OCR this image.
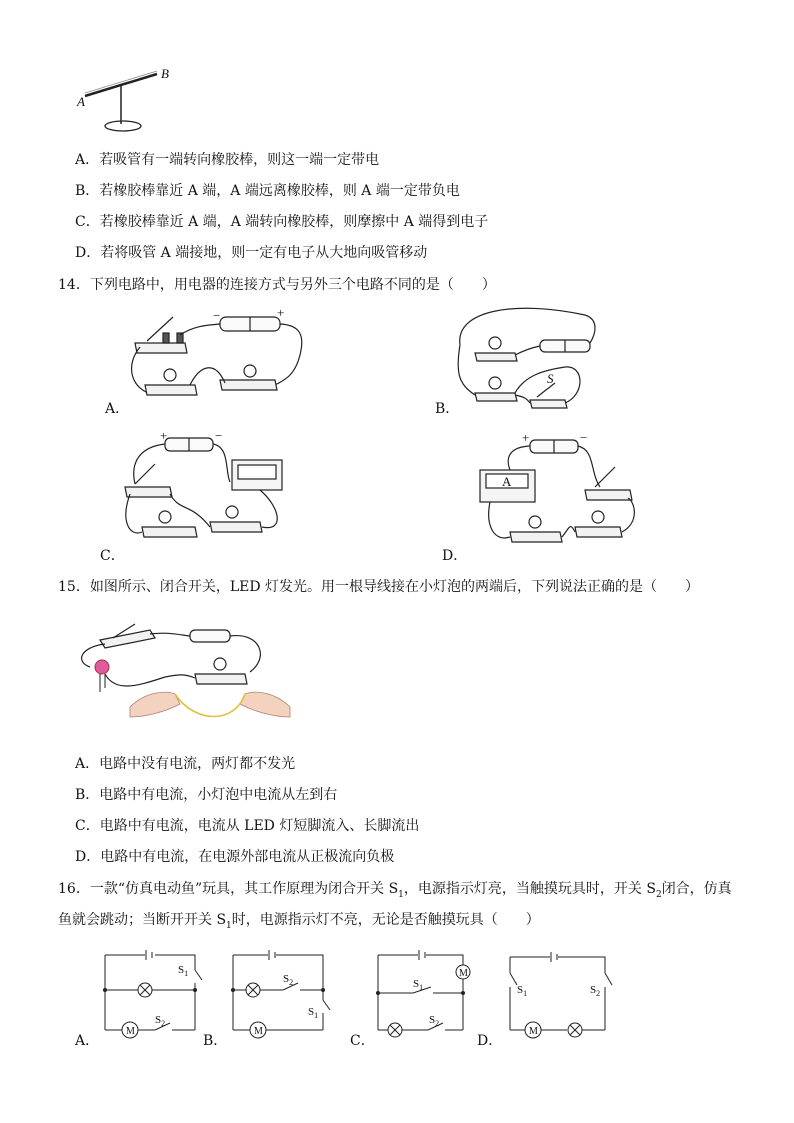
A
B
A．若吸管有一端转向橡胶棒，则这一端一定带电
B．若橡胶棒靠近 A 端，A 端远离橡胶棒，则 A 端一定带负电
C．若橡胶棒靠近 A 端，A 端转向橡胶棒，则摩擦中 A 端得到电子
D．若将吸管 A 端接地，则一定有电子从大地向吸管移动
14．下列电路中，用电器的连接方式与另外三个电路不同的是（　　）
−	+
A．
S
B．
+	−
C．
+	−
A
D．
15．如图所示、闭合开关，LED 灯发光。用一根导线接在小灯泡的两端后，下列说法正确的是（　　）
A．电路中没有电流，两灯都不发光
B．电路中有电流，小灯泡中电流从左到右
C．电路中有电流，电流从 LED 灯短脚流入、长脚流出
D．电路中有电流，在电源外部电流从正极流向负极
16．一款“仿真电动鱼”玩具，其工作原理为闭合开关 $S_1$，电源指示灯亮，当触摸玩具时，开关 $S_2$闭合，仿真
鱼就会跳动；当断开开关 $S_1$时，电源指示灯不亮，无论是否触摸玩具（　　）
M
$S_1$
$S_2$
A．
M
$S_2$
$S_1$
B．
M
$S_1$
$S_2$
C．
M
$S_1$	$S_2$
D．
